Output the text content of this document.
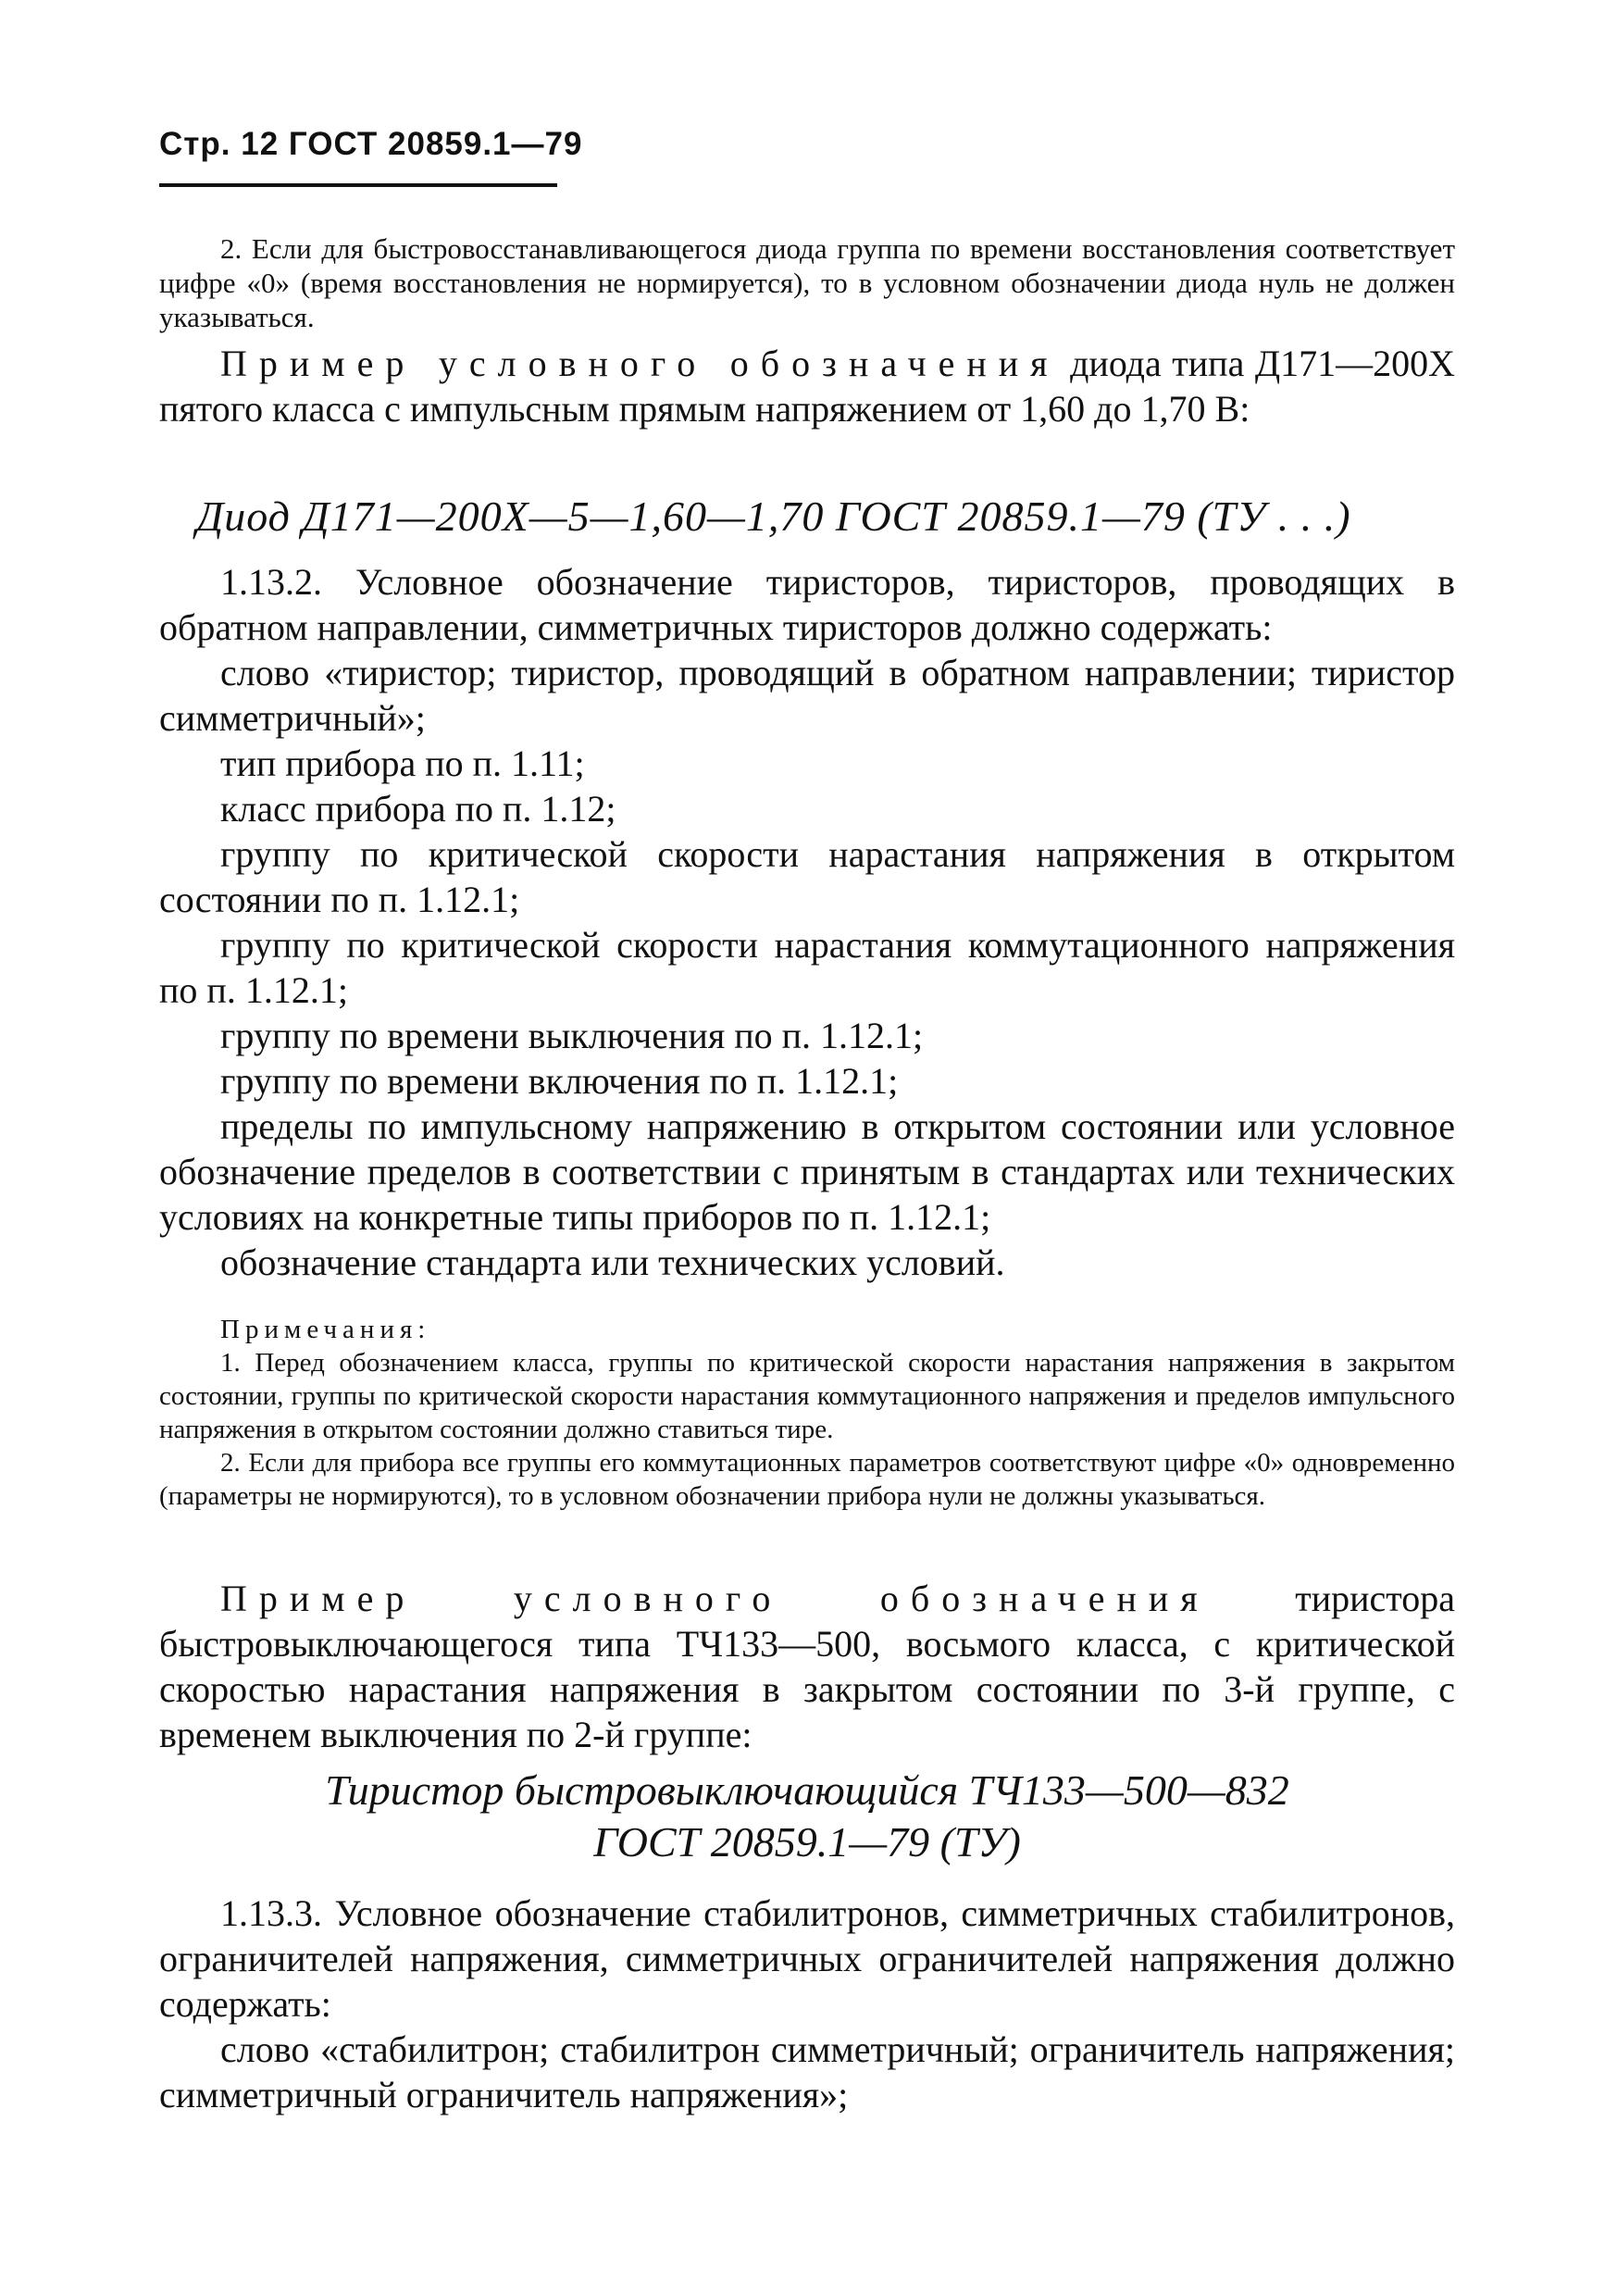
Стр. 12 ГОСТ 20859.1—79

2. Если для быстровосстанавливающегося диода группа по времени восстановления соответствует цифре «0» (время восстановления не нормируется), то в условном обозначении диода нуль не должен указываться.

Пример условного обозначения диода типа Д171—200Х пятого класса с импульсным прямым напряжением от 1,60 до 1,70 В:

Диод Д171—200Х—5—1,60—1,70 ГОСТ 20859.1—79 (ТУ . . .)

1.13.2. Условное обозначение тиристоров, тиристоров, проводящих в обратном направлении, симметричных тиристоров должно содержать:

слово «тиристор; тиристор, проводящий в обратном направлении; тиристор симметричный»;

тип прибора по п. 1.11;

класс прибора по п. 1.12;

группу по критической скорости нарастания напряжения в открытом состоянии по п. 1.12.1;

группу по критической скорости нарастания коммутационного напряжения по п. 1.12.1;

группу по времени выключения по п. 1.12.1;

группу по времени включения по п. 1.12.1;

пределы по импульсному напряжению в открытом состоянии или условное обозначение пределов в соответствии с принятым в стандартах или технических условиях на конкретные типы приборов по п. 1.12.1;

обозначение стандарта или технических условий.

Примечания:

1. Перед обозначением класса, группы по критической скорости нарастания напряжения в закрытом состоянии, группы по критической скорости нарастания коммутационного напряжения и пределов импульсного напряжения в открытом состоянии должно ставиться тире.

2. Если для прибора все группы его коммутационных параметров соответствуют цифре «0» одновременно (параметры не нормируются), то в условном обозначении прибора нули не должны указываться.

Пример условного обозначения тиристора быстровыключающегося типа ТЧ133—500, восьмого класса, с критической скоростью нарастания напряжения в закрытом состоянии по 3-й группе, с временем выключения по 2-й группе:

Тиристор быстровыключающийся ТЧ133—500—832

ГОСТ 20859.1—79 (ТУ)

1.13.3. Условное обозначение стабилитронов, симметричных стабилитронов, ограничителей напряжения, симметричных ограничителей напряжения должно содержать:

слово «стабилитрон; стабилитрон симметричный; ограничитель напряжения; симметричный ограничитель напряжения»;
